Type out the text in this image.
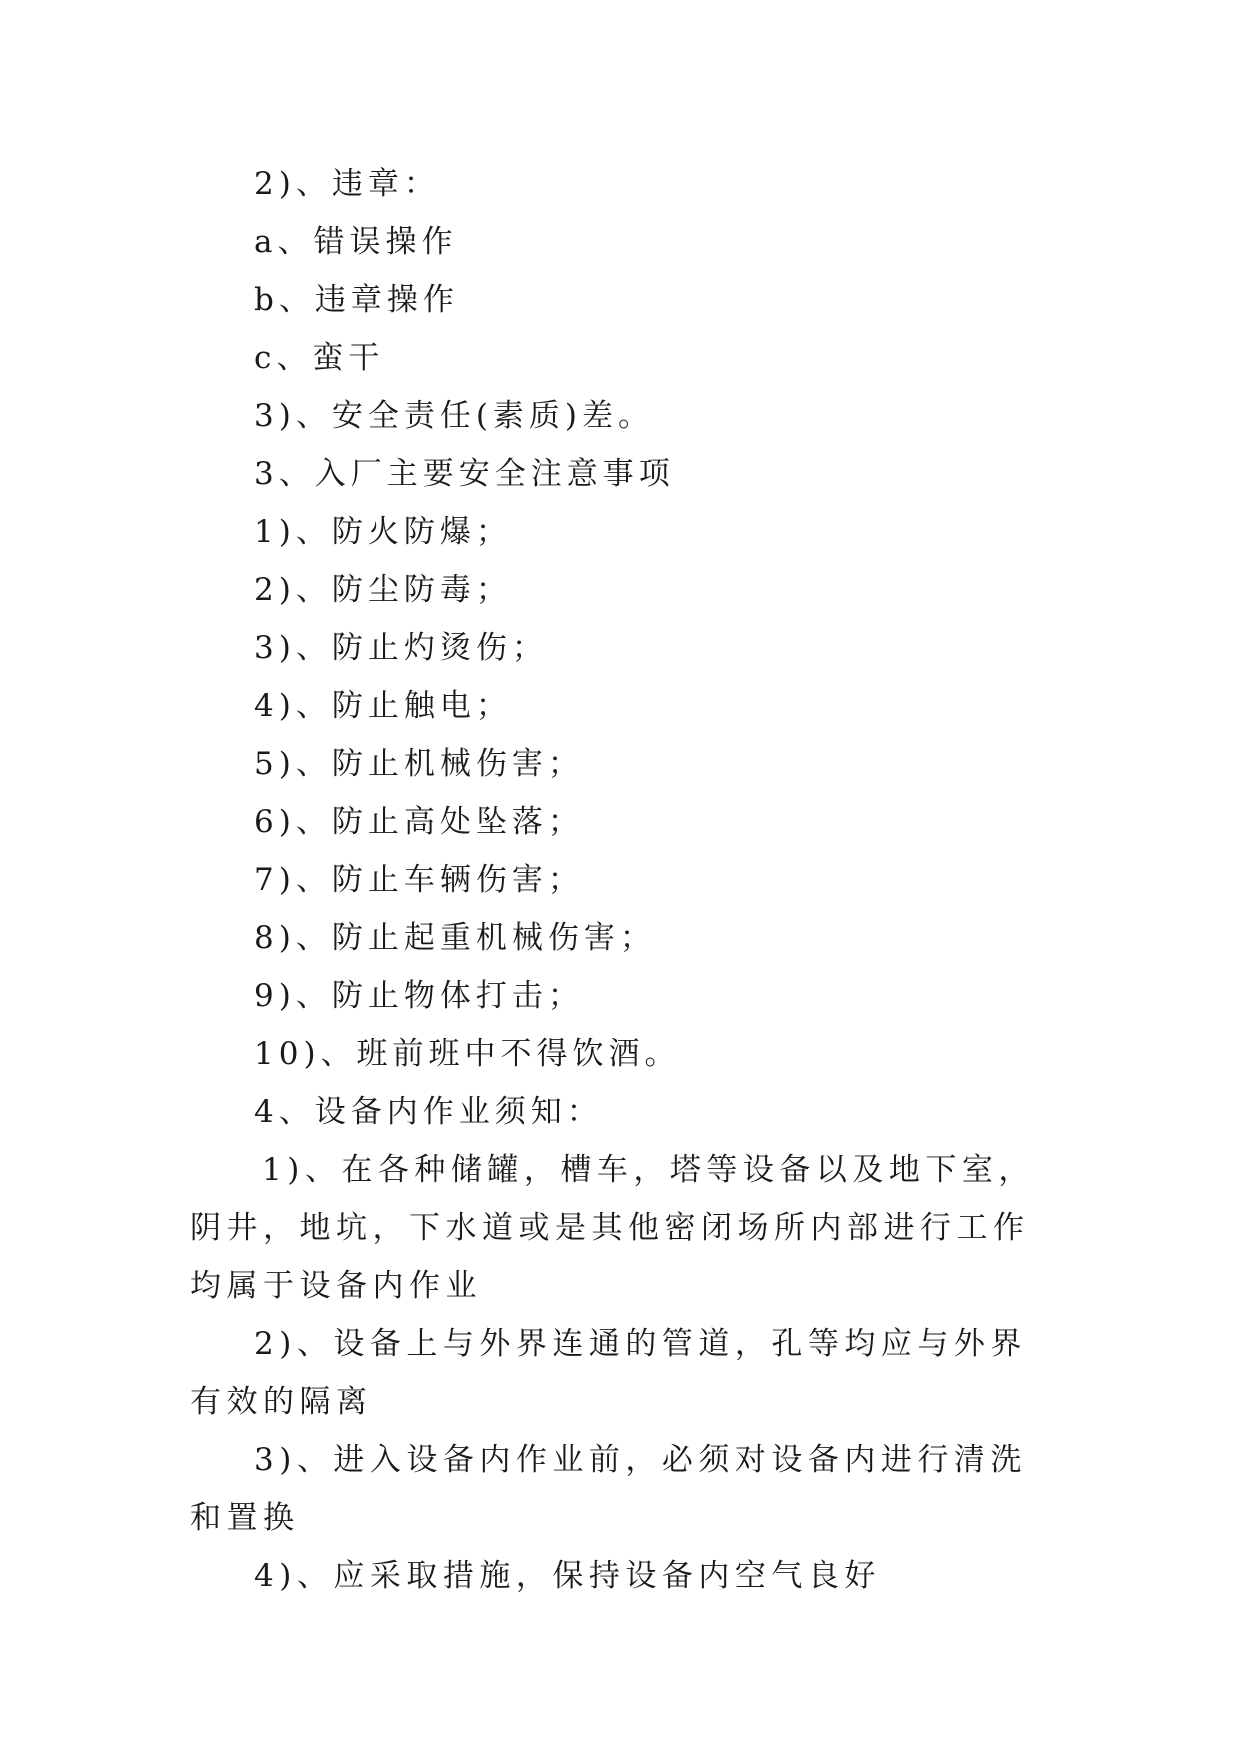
2)、违章：
a、错误操作
b、违章操作
c、蛮干
3)、安全责任(素质)差。
3、入厂主要安全注意事项
1)、防火防爆；
2)、防尘防毒；
3)、防止灼烫伤；
4)、防止触电；
5)、防止机械伤害；
6)、防止高处坠落；
7)、防止车辆伤害；
8)、防止起重机械伤害；
9)、防止物体打击；
10)、班前班中不得饮酒。
4、设备内作业须知：
1)、在各种储罐，槽车，塔等设备以及地下室，阴井，地坑，下水道或是其他密闭场所内部进行工作均属于设备内作业
2)、设备上与外界连通的管道，孔等均应与外界有效的隔离
3)、进入设备内作业前，必须对设备内进行清洗和置换
4)、应采取措施，保持设备内空气良好
